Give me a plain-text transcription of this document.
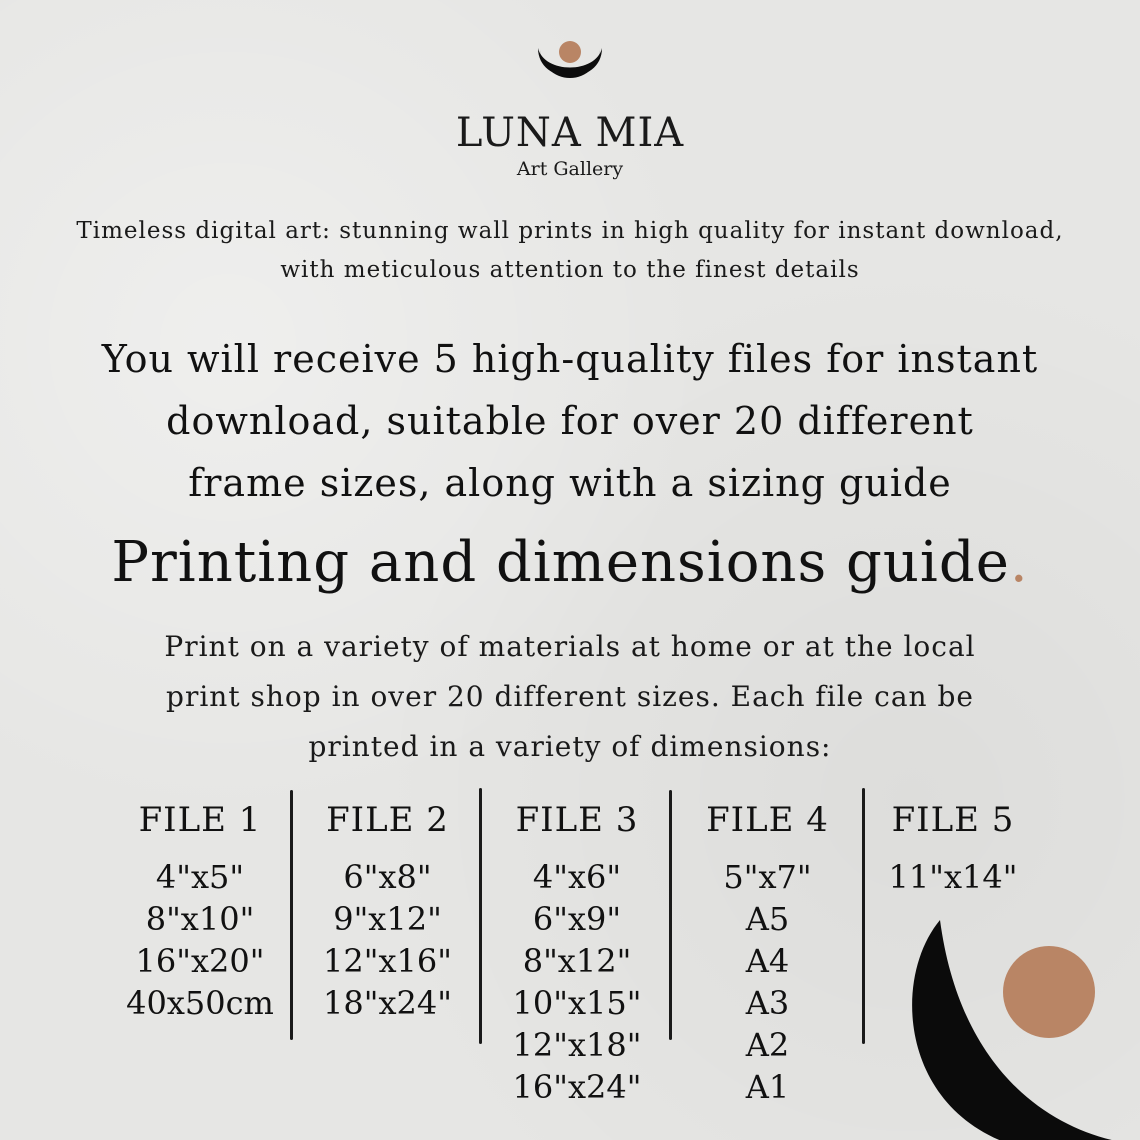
LUNA MIA
Art Gallery
Timeless digital art: stunning wall prints in high quality for instant download,
with meticulous attention to the finest details
You will receive 5 high-quality files for instant
download, suitable for over 20 different
frame sizes, along with a sizing guide
Printing and dimensions guide.
Print on a variety of materials at home or at the local
print shop in over 20 different sizes. Each file can be
printed in a variety of dimensions:
FILE 1
4"x5"
8"x10"
16"x20"
40x50cm
FILE 2
6"x8"
9"x12"
12"x16"
18"x24"
FILE 3
4"x6"
6"x9"
8"x12"
10"x15"
12"x18"
16"x24"
FILE 4
5"x7"
A5
A4
A3
A2
A1
FILE 5
11"x14"
